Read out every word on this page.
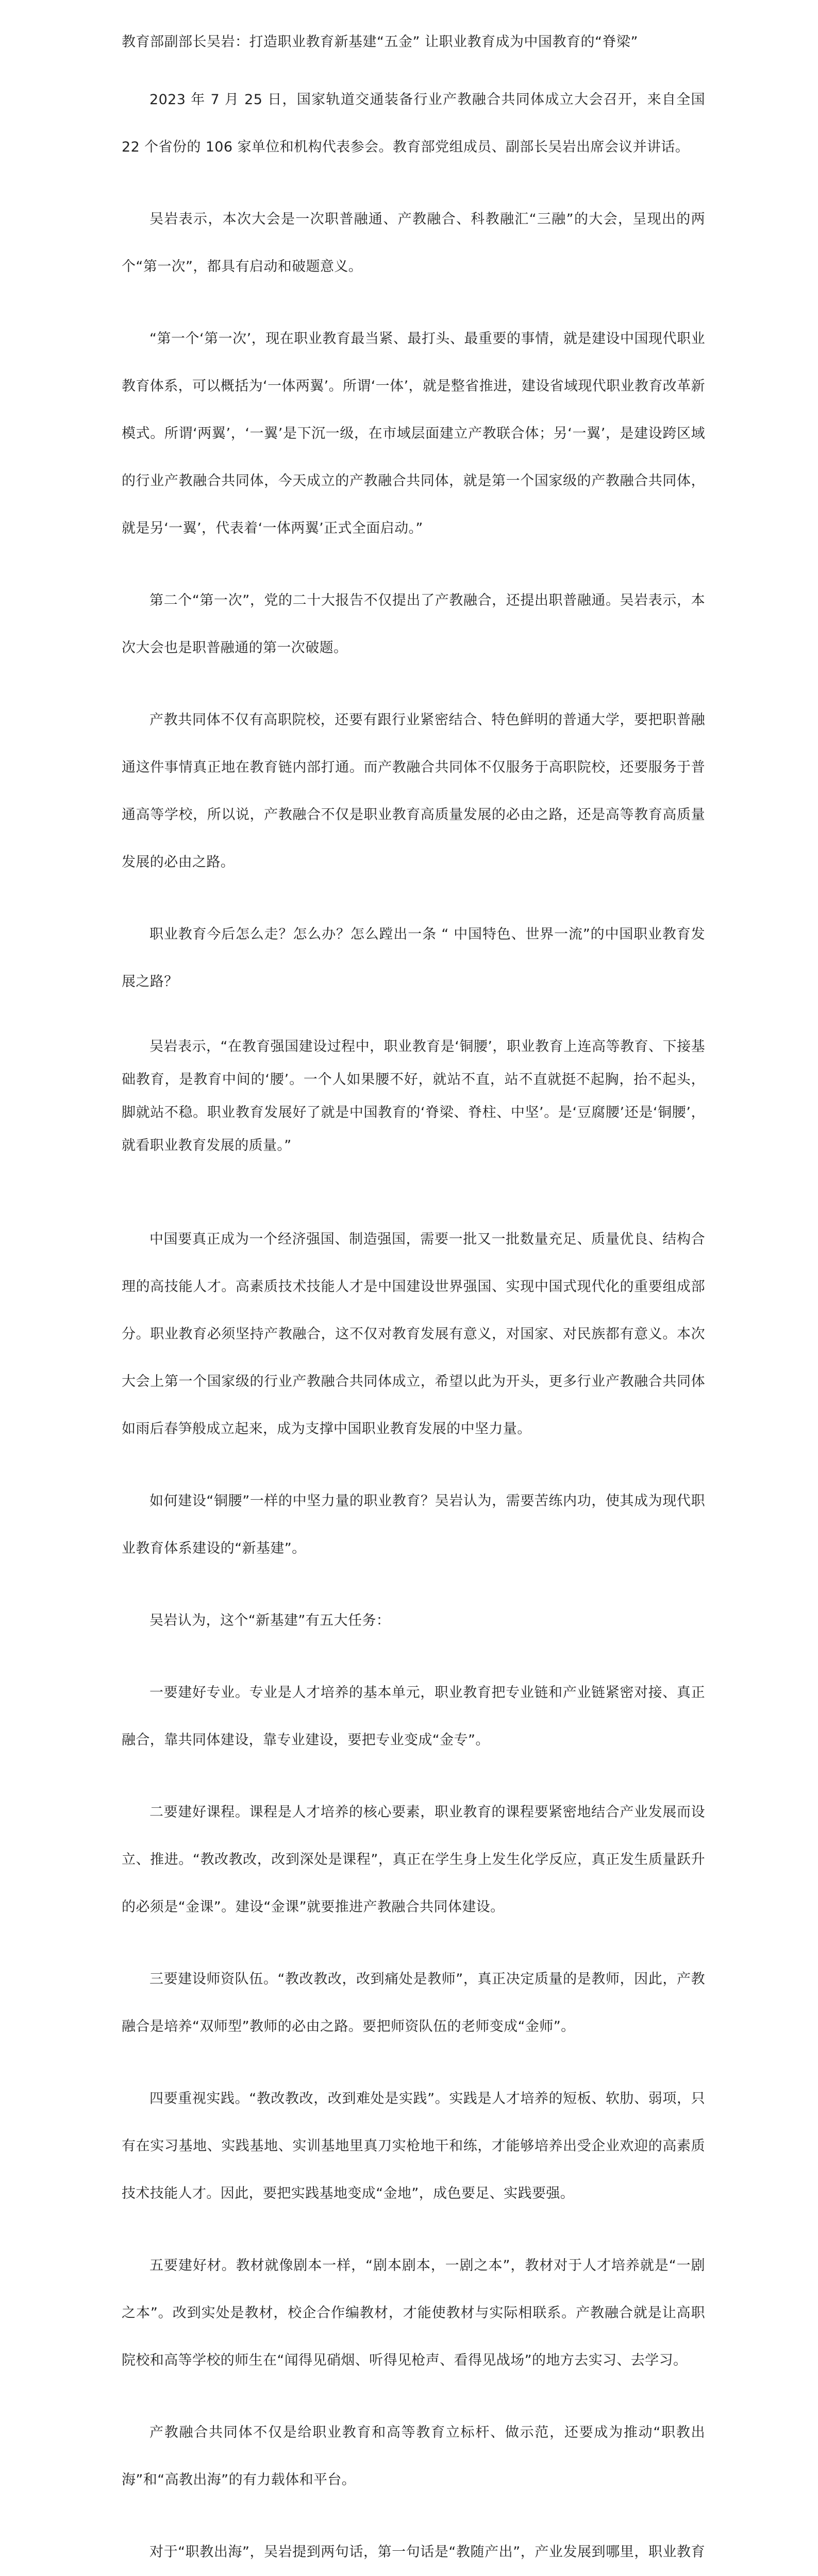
教育部副部长吴岩：打造职业教育新基建“五金” 让职业教育成为中国教育的“脊梁”

2023 年 7 月 25 日，国家轨道交通装备行业产教融合共同体成立大会召开，来自全国 22 个省份的 106 家单位和机构代表参会。教育部党组成员、副部长吴岩出席会议并讲话。

吴岩表示，本次大会是一次职普融通、产教融合、科教融汇“三融”的大会，呈现出的两个“第一次”，都具有启动和破题意义。

“第一个‘第一次’，现在职业教育最当紧、最打头、最重要的事情，就是建设中国现代职业教育体系，可以概括为‘一体两翼’。所谓‘一体’，就是整省推进，建设省域现代职业教育改革新模式。所谓‘两翼’，‘一翼’是下沉一级，在市域层面建立产教联合体；另‘一翼’，是建设跨区域的行业产教融合共同体，今天成立的产教融合共同体，就是第一个国家级的产教融合共同体，就是另‘一翼’，代表着‘一体两翼’正式全面启动。”

第二个“第一次”，党的二十大报告不仅提出了产教融合，还提出职普融通。吴岩表示，本次大会也是职普融通的第一次破题。

产教共同体不仅有高职院校，还要有跟行业紧密结合、特色鲜明的普通大学，要把职普融通这件事情真正地在教育链内部打通。而产教融合共同体不仅服务于高职院校，还要服务于普通高等学校，所以说，产教融合不仅是职业教育高质量发展的必由之路，还是高等教育高质量发展的必由之路。

职业教育今后怎么走？怎么办？怎么蹚出一条 “ 中国特色、世界一流”的中国职业教育发展之路？

吴岩表示，“在教育强国建设过程中，职业教育是‘铜腰’，职业教育上连高等教育、下接基础教育，是教育中间的‘腰’。一个人如果腰不好，就站不直，站不直就挺不起胸，抬不起头，脚就站不稳。职业教育发展好了就是中国教育的‘脊梁、脊柱、中坚’。是‘豆腐腰’还是‘铜腰’，就看职业教育发展的质量。”

中国要真正成为一个经济强国、制造强国，需要一批又一批数量充足、质量优良、结构合理的高技能人才。高素质技术技能人才是中国建设世界强国、实现中国式现代化的重要组成部分。职业教育必须坚持产教融合，这不仅对教育发展有意义，对国家、对民族都有意义。本次大会上第一个国家级的行业产教融合共同体成立，希望以此为开头，更多行业产教融合共同体如雨后春笋般成立起来，成为支撑中国职业教育发展的中坚力量。

如何建设“铜腰”一样的中坚力量的职业教育？吴岩认为，需要苦练内功，使其成为现代职业教育体系建设的“新基建”。

吴岩认为，这个“新基建”有五大任务：

一要建好专业。专业是人才培养的基本单元，职业教育把专业链和产业链紧密对接、真正融合，靠共同体建设，靠专业建设，要把专业变成“金专”。

二要建好课程。课程是人才培养的核心要素，职业教育的课程要紧密地结合产业发展而设立、推进。“教改教改，改到深处是课程”，真正在学生身上发生化学反应，真正发生质量跃升的必须是“金课”。建设“金课”就要推进产教融合共同体建设。

三要建设师资队伍。“教改教改，改到痛处是教师”，真正决定质量的是教师，因此，产教融合是培养“双师型”教师的必由之路。要把师资队伍的老师变成“金师”。

四要重视实践。“教改教改，改到难处是实践”。实践是人才培养的短板、软肋、弱项，只有在实习基地、实践基地、实训基地里真刀实枪地干和练，才能够培养出受企业欢迎的高素质技术技能人才。因此，要把实践基地变成“金地”，成色要足、实践要强。

五要建好材。教材就像剧本一样，“剧本剧本，一剧之本”，教材对于人才培养就是“一剧之本”。改到实处是教材，校企合作编教材，才能使教材与实际相联系。产教融合就是让高职院校和高等学校的师生在“闻得见硝烟、听得见枪声、看得见战场”的地方去实习、去学习。

产教融合共同体不仅是给职业教育和高等教育立标杆、做示范，还要成为推动“职教出海”和“高教出海”的有力载体和平台。

对于“职教出海”，吴岩提到两句话，第一句话是“教随产出”，产业发展到哪里，职业教育
